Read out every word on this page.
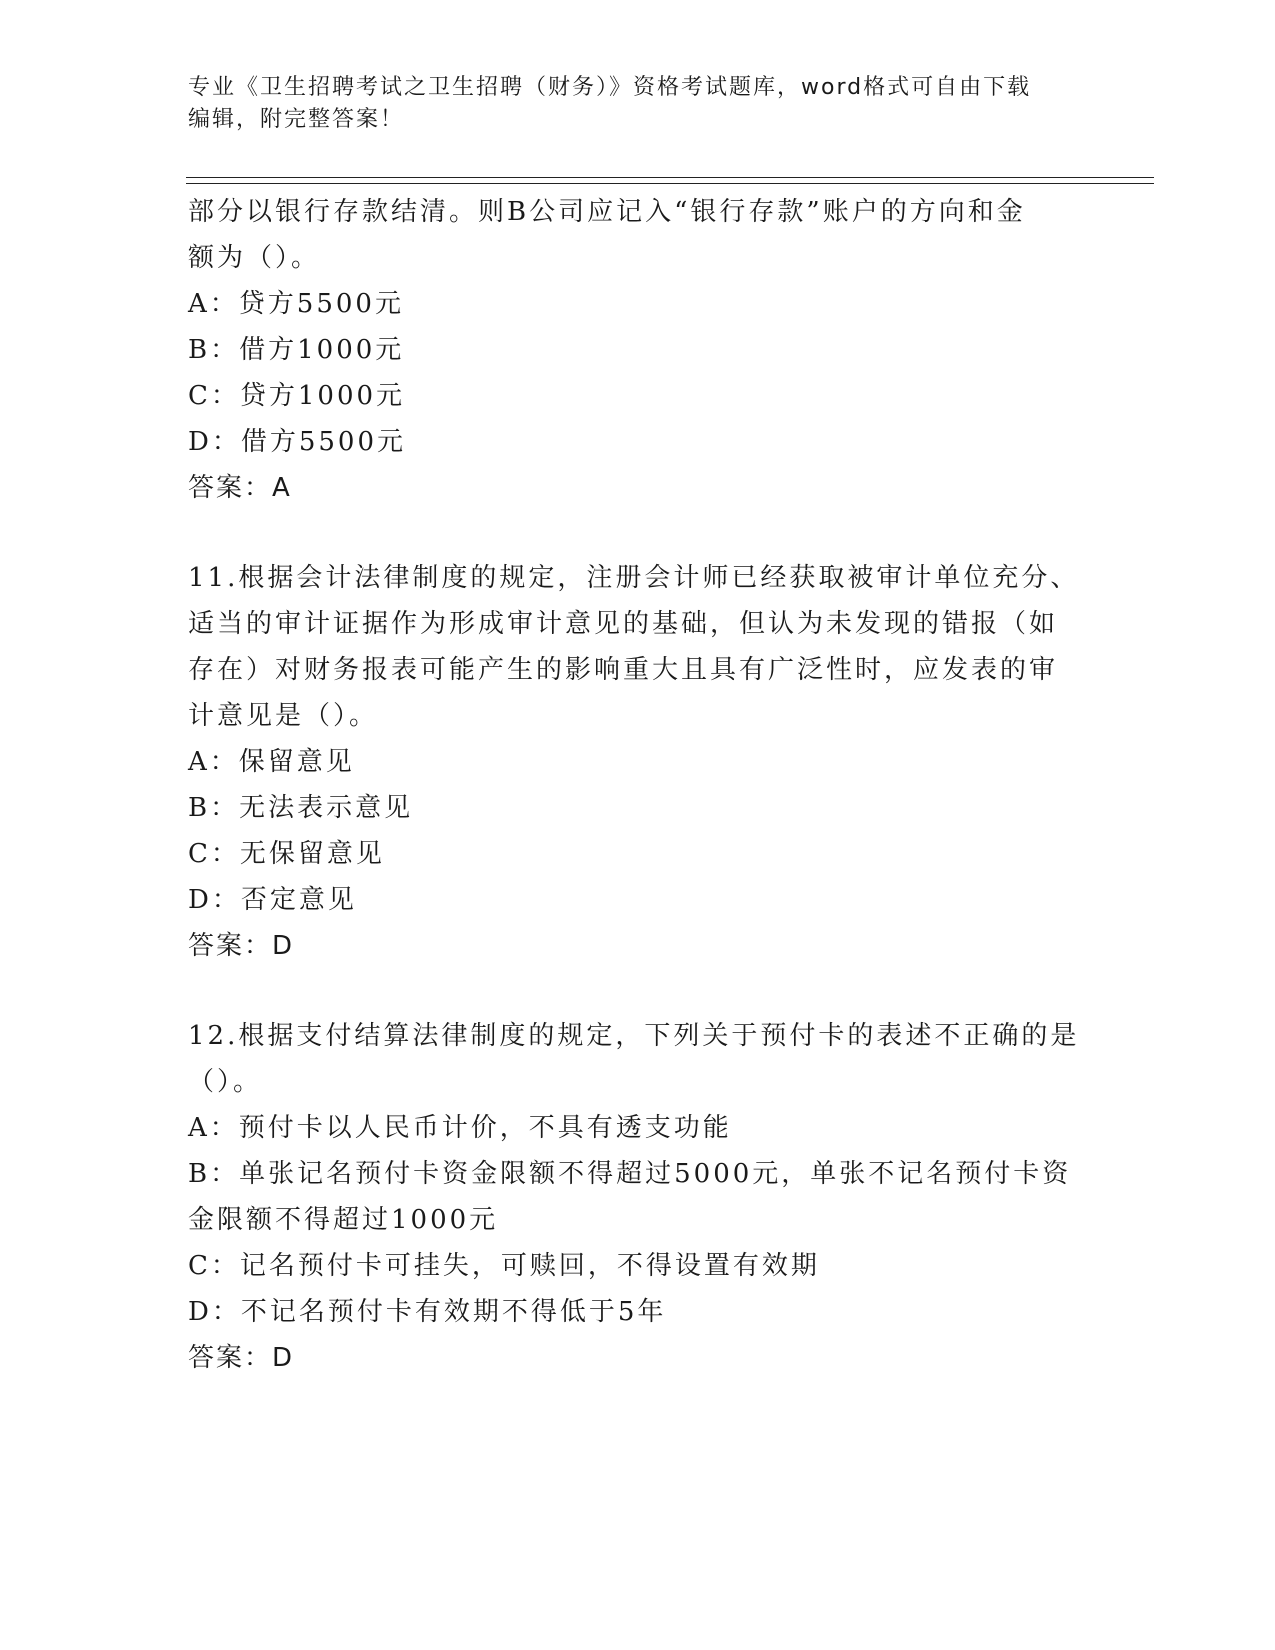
专业《卫生招聘考试之卫生招聘（财务）》资格考试题库，word格式可自由下载
编辑，附完整答案！
部分以银行存款结清。则B公司应记入“银行存款”账户的方向和金
额为（）。
A：贷方5500元
B：借方1000元
C：贷方1000元
D：借方5500元
答案：A
11.根据会计法律制度的规定，注册会计师已经获取被审计单位充分、
适当的审计证据作为形成审计意见的基础，但认为未发现的错报（如
存在）对财务报表可能产生的影响重大且具有广泛性时，应发表的审
计意见是（）。
A：保留意见
B：无法表示意见
C：无保留意见
D：否定意见
答案：D
12.根据支付结算法律制度的规定，下列关于预付卡的表述不正确的是
（）。
A：预付卡以人民币计价，不具有透支功能
B：单张记名预付卡资金限额不得超过5000元，单张不记名预付卡资
金限额不得超过1000元
C：记名预付卡可挂失，可赎回，不得设置有效期
D：不记名预付卡有效期不得低于5年
答案：D
